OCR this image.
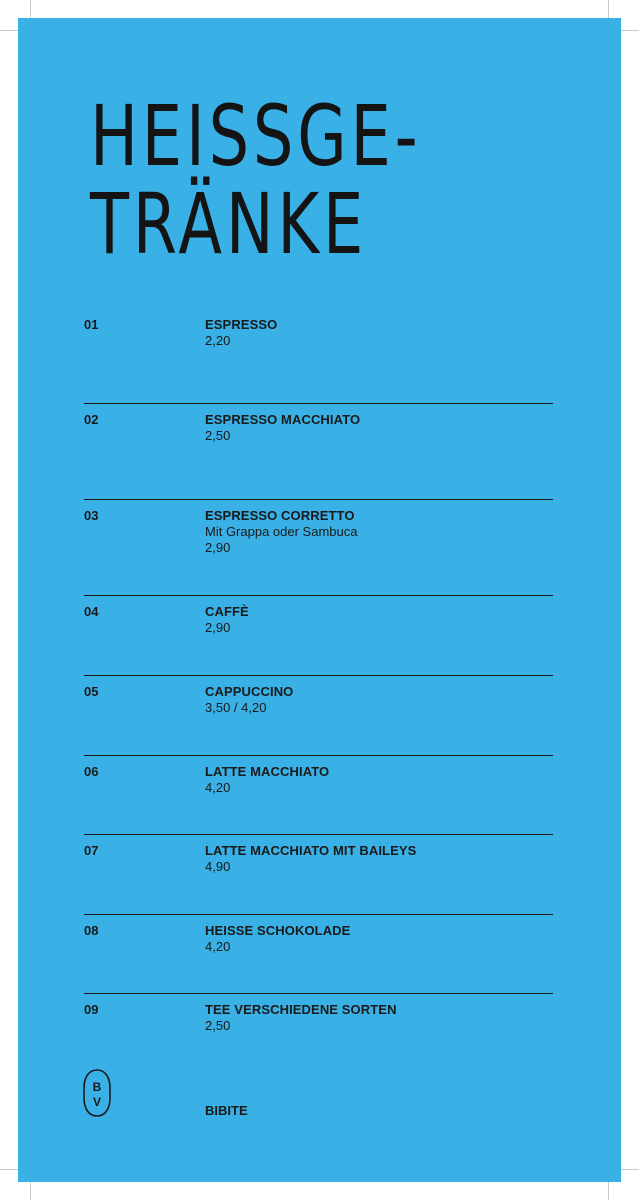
HEISSGE-
TRÄNKE
01	ESPRESSO
2,20
02	ESPRESSO MACCHIATO
2,50
03	ESPRESSO CORRETTO
Mit Grappa oder Sambuca
2,90
04	CAFFÈ
2,90
05	CAPPUCCINO
3,50 / 4,20
06	LATTE MACCHIATO
4,20
07	LATTE MACCHIATO MIT BAILEYS
4,90
08	HEISSE SCHOKOLADE
4,20
09	TEE VERSCHIEDENE SORTEN
2,50
B
V
BIBITE
